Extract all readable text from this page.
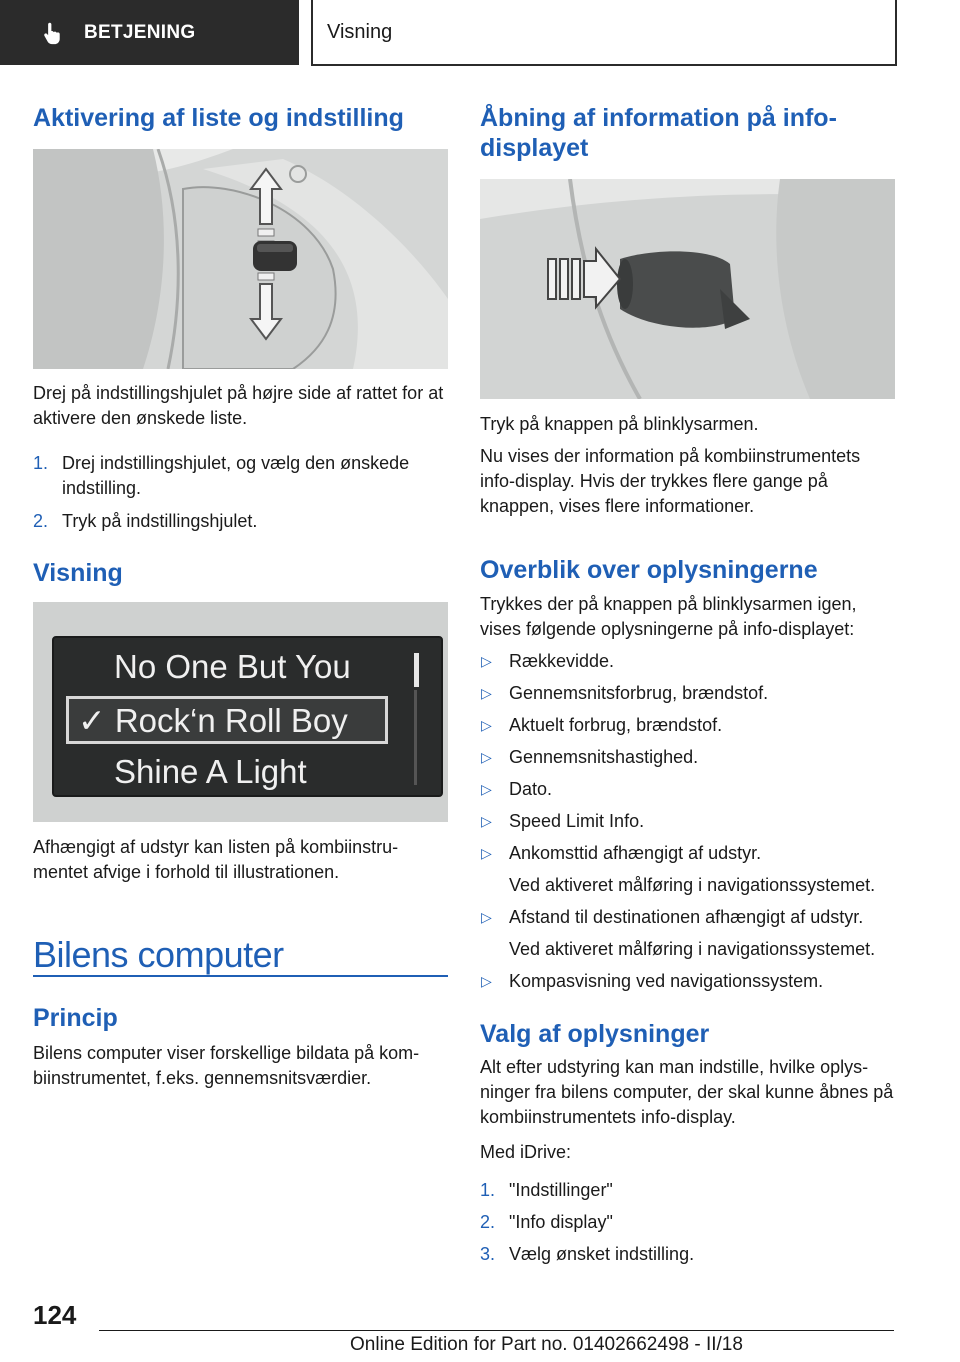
BETJENING	Visning
Aktivering af liste og indstilling

Drej på indstillingshjulet på højre side af rattet for at aktivere den ønskede liste.

1. Drej indstillingshjulet, og vælg den ønskede indstilling.
2. Tryk på indstillingshjulet.
Visning
No One But You
✓ Rock‘n Roll Boy
Shine A Light

Afhængigt af udstyr kan listen på kombiinstru-mentet afvige i forhold til illustrationen.

Bilens computer
Princip

Bilens computer viser forskellige bildata på kom-biinstrumentet, f.eks. gennemsnitsværdier.

Åbning af information på info-displayet

Tryk på knappen på blinklysarmen.

Nu vises der information på kombiinstrumentets info-display. Hvis der trykkes flere gange på knappen, vises flere informationer.

Overblik over oplysningerne

Trykkes der på knappen på blinklysarmen igen, vises følgende oplysningerne på info-displayet:

▷ Rækkevidde.
▷ Gennemsnitsforbrug, brændstof.
▷ Aktuelt forbrug, brændstof.
▷ Gennemsnitshastighed.
▷ Dato.
▷ Speed Limit Info.
▷ Ankomsttid afhængigt af udstyr.
Ved aktiveret målføring i navigationssystemet.
▷ Afstand til destinationen afhængigt af udstyr.
Ved aktiveret målføring i navigationssystemet.
▷ Kompasvisning ved navigationssystem.
Valg af oplysninger

Alt efter udstyring kan man indstille, hvilke oplys-ninger fra bilens computer, der skal kunne åbnes på kombiinstrumentets info-display.

Med iDrive:

1. "Indstillinger"
2. "Info display"
3. Vælg ønsket indstilling.
124
Online Edition for Part no. 01402662498 - II/18
